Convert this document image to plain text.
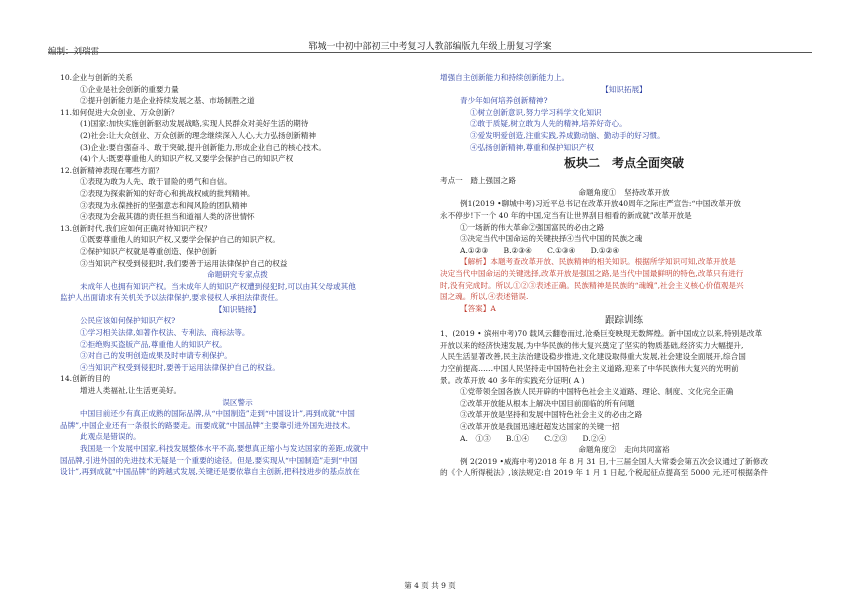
郓城一中初中部初三中考复习人教部编版九年级上册复习学案
编制：刘瑞雷
10.企业与创新的关系
①企业是社会创新的重要力量
②提升创新能力是企业持续发展之基、市场制胜之道
11.如何促进大众创业、万众创新？
(1)国家:加快实施创新驱动发展战略,实现人民群众对美好生活的期待
(2)社会:让大众创业、万众创新的理念继续深入人心,大力弘扬创新精神
(3)企业:要自强奋斗、敢于突破,提升创新能力,形成企业自己的核心技术。
(4)个人:既要尊重他人的知识产权,又要学会保护自己的知识产权
12.创新精神表现在哪些方面？
①表现为敢为人先、敢于冒险的勇气和自信。
②表现为探索新知的好奇心和挑战权威的批判精神。
③表现为永葆挫折的坚强意志和闯风险的团队精神
④表现为会裁其德的责任担当和道福人类的济世情怀
13.创新时代,我们应如何正确对待知识产权？
①既要尊重他人的知识产权,又要学会保护自己的知识产权。
②保护知识产权就是尊重创造、保护创新
③当知识产权受到侵犯时,我们要善于运用法律保护自己的权益
命题研究专家点拨
未成年人也拥有知识产权。当未成年人的知识产权遭到侵犯时,可以由其父母或其他
监护人出面请求有关机关予以法律保护,要求侵权人承担法律责任。
【知识链接】
公民应该如何保护知识产权?
①学习相关法律,如著作权法、专利法、商标法等。
②拒绝购买盗版产品,尊重他人的知识产权。
③对自己的发明创造成果及时申请专利保护。
④当知识产权受到侵犯时,要善于运用法律保护自己的权益。
14.创新的目的
增进人类福祉,让生活更美好。
误区警示
中国目前还少有真正成熟的国际品牌,从“中国制造”走到“中国设计”,再到成就“中国
品牌”,中国企业还有一条很长的路要走。而要成就“中国品牌”主要靠引进外国先进技术。
此观点是错误的。
我国是一个发展中国家,科技发展整体水平不高,要想真正缩小与发达国家的差距,成就中
国品牌,引进外国的先进技术无疑是一个重要的途径。但是,要实现从“中国制造”走到“中国
设计”,再到成就“中国品牌”的跨越式发展,关键还是要依靠自主创新,把科技进步的基点放在
增强自主创新能力和持续创新能力上。
【知识拓展】
青少年如何培养创新精神?
①树立创新意识,努力学习科学文化知识
②敢于质疑,树立敢为人先的精神,培养好奇心。
③爱发明爱创造,注重实践,养成勤动脑、勤动手的好习惯。
④弘扬创新精神,尊重和保护知识产权
板块二　考点全面突破
考点一　踏上强国之路
命题角度①　坚持改革开放
例1(2019 •聊城中考)习近平总书记在改革开放40周年之际庄严宣告:“中国改革开放
永不停步!下一个 40 年的中国,定当有让世界刮目相看的新成就”改革开放是
①一场新的伟大革命②强国富民的必由之路
③决定当代中国命运的关键抉择④当代中国的民族之魂
A.①②③　　B.②③④　　C.①③④　　D.①②④
【解析】本题考查改革开放、民族精神的相关知识。根据所学知识可知,改革开放是
决定当代中国命运的关键选择,改革开放是强国之路,是当代中国最鲜明的特色,改革只有进行
时,没有完成时。所以,①②③表述正确。民族精神是民族的“魂魄”,社会主义核心价值观是兴
国之魂。所以,④表述错误.
【答案】A
跟踪训练
1、(2019 • 滨州中考)70 载风云翻卷而过,沧桑巨变映现无数辉煌。新中国成立以来,特别是改革
开放以来的经济快速发展,为中华民族的伟大复兴奠定了坚实的物质基础,经济实力大幅提升,
人民生活显著改善,民主法治建设稳步推进,文化建设取得重大发展,社会建设全面展开,综合国
力空前提高……中国人民坚持走中国特色社会主义道路,迎来了中华民族伟大复兴的光明前
景。改革开放 40 多年的实践充分证明( A )
①党带领全国各族人民开辟的中国特色社会主义道路、理论、制度、文化完全正确
②改革开放能从根本上解决中国目前面临的所有问题
③改革开放是坚持和发展中国特色社会主义的必由之路
④改革开放是我国迅速赶超发达国家的关键一招
A.　①③　　B.①④　　C.②③　　D.②④
命题角度②　走向共同富裕
例 2(2019 •威海中考)2018 年 8 月 31 日,十三届全国人大常委会第五次会议通过了新修改
的《个人所得税法》,该法规定:自 2019 年 1 月 1 日起,个税起征点提高至 5000 元,还可根据条件
第 4 页 共 9 页
